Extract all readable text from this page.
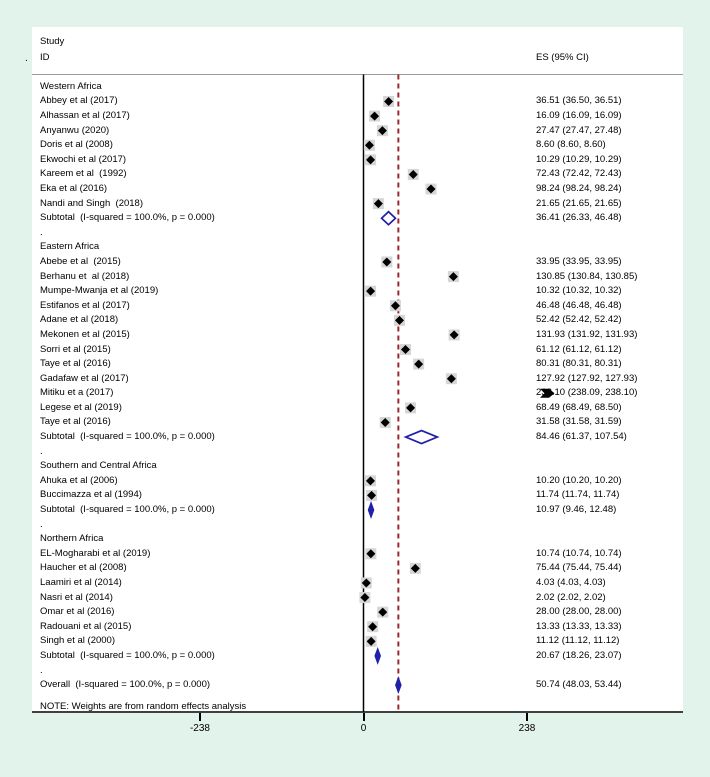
.
Study
ID	ES (95% CI)
Western Africa
Abbey et al (2017)	36.51 (36.50, 36.51)
Alhassan et al (2017)	16.09 (16.09, 16.09)
Anyanwu (2020)	27.47 (27.47, 27.48)
Doris et al (2008)	8.60 (8.60, 8.60)
Ekwochi et al (2017)	10.29 (10.29, 10.29)
Kareem et al  (1992)	72.43 (72.42, 72.43)
Eka et al (2016)	98.24 (98.24, 98.24)
Nandi and Singh  (2018)	21.65 (21.65, 21.65)
Subtotal  (I-squared = 100.0%, p = 0.000)	36.41 (26.33, 46.48)
.
Eastern Africa
Abebe et al  (2015)	33.95 (33.95, 33.95)
Berhanu et  al (2018)	130.85 (130.84, 130.85)
Mumpe-Mwanja et al (2019)	10.32 (10.32, 10.32)
Estifanos et al (2017)	46.48 (46.48, 46.48)
Adane et al (2018)	52.42 (52.42, 52.42)
Mekonen et al (2015)	131.93 (131.92, 131.93)
Sorri et al (2015)	61.12 (61.12, 61.12)
Taye et al (2016)	80.31 (80.31, 80.31)
Gadafaw et al (2017)	127.92 (127.92, 127.93)
Mitiku et a (2017)	238.10 (238.09, 238.10)
Legese et al (2019)	68.49 (68.49, 68.50)
Taye et al (2016)	31.58 (31.58, 31.59)
Subtotal  (I-squared = 100.0%, p = 0.000)	84.46 (61.37, 107.54)
.
Southern and Central Africa
Ahuka et al (2006)	10.20 (10.20, 10.20)
Buccimazza et al (1994)	11.74 (11.74, 11.74)
Subtotal  (I-squared = 100.0%, p = 0.000)	10.97 (9.46, 12.48)
.
Northern Africa
EL-Mogharabi et al (2019)	10.74 (10.74, 10.74)
Haucher et al (2008)	75.44 (75.44, 75.44)
Laamiri et al (2014)	4.03 (4.03, 4.03)
Nasri et al (2014)	2.02 (2.02, 2.02)
Omar et al (2016)	28.00 (28.00, 28.00)
Radouani et al (2015)	13.33 (13.33, 13.33)
Singh et al (2000)	11.12 (11.12, 11.12)
Subtotal  (I-squared = 100.0%, p = 0.000)	20.67 (18.26, 23.07)
.
Overall  (I-squared = 100.0%, p = 0.000)	50.74 (48.03, 53.44)
NOTE: Weights are from random effects analysis
-238	0	238
